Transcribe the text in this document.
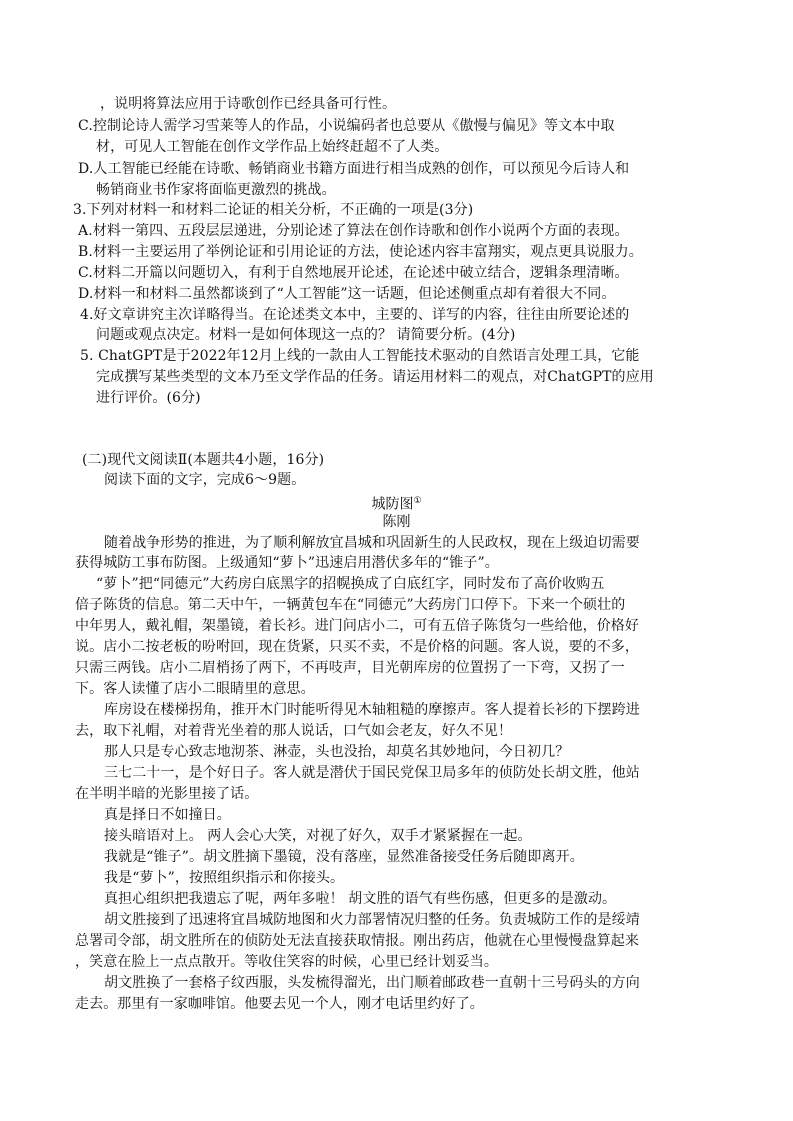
，说明将算法应用于诗歌创作已经具备可行性。
C.控制论诗人需学习雪莱等人的作品，小说编码者也总要从《傲慢与偏见》等文本中取
材，可见人工智能在创作文学作品上始终赶超不了人类。
D.人工智能已经能在诗歌、畅销商业书籍方面进行相当成熟的创作，可以预见今后诗人和
畅销商业书作家将面临更激烈的挑战。
3.下列对材料一和材料二论证的相关分析，不正确的一项是(3分)
A.材料一第四、五段层层递进，分别论述了算法在创作诗歌和创作小说两个方面的表现。
B.材料一主要运用了举例论证和引用论证的方法，使论述内容丰富翔实，观点更具说服力。
C.材料二开篇以问题切入，有利于自然地展开论述，在论述中破立结合，逻辑条理清晰。
D.材料一和材料二虽然都谈到了“人工智能”这一话题，但论述侧重点却有着很大不同。
4.好文章讲究主次详略得当。在论述类文本中，主要的、详写的内容，往往由所要论述的
问题或观点决定。材料一是如何体现这一点的？ 请简要分析。(4分)
5. ChatGPT是于2022年12月上线的一款由人工智能技术驱动的自然语言处理工具，它能
完成撰写某些类型的文本乃至文学作品的任务。请运用材料二的观点，对ChatGPT的应用
进行评价。(6分)
(二)现代文阅读Ⅱ(本题共4小题，16分)
阅读下面的文字，完成6～9题。
城防图①
陈刚
随着战争形势的推进，为了顺利解放宜昌城和巩固新生的人民政权，现在上级迫切需要
获得城防工事布防图。上级通知“萝卜”迅速启用潜伏多年的“锥子”。
“萝卜”把“同德元”大药房白底黑字的招幌换成了白底红字，同时发布了高价收购五
倍子陈货的信息。第二天中午，一辆黄包车在“同德元”大药房门口停下。下来一个硕壮的
中年男人，戴礼帽，架墨镜，着长衫。进门问店小二，可有五倍子陈货匀一些给他，价格好
说。店小二按老板的吩咐回，现在货紧，只买不卖，不是价格的问题。客人说，要的不多，
只需三两钱。店小二眉梢扬了两下，不再吱声，目光朝库房的位置拐了一下弯，又拐了一
下。客人读懂了店小二眼睛里的意思。
库房设在楼梯拐角，推开木门时能听得见木轴粗糙的摩擦声。客人提着长衫的下摆跨进
去，取下礼帽，对着背光坐着的那人说话，口气如会老友，好久不见！
那人只是专心致志地沏茶、淋壶，头也没抬，却莫名其妙地问，今日初几？
三七二十一，是个好日子。客人就是潜伏于国民党保卫局多年的侦防处长胡文胜，他站
在半明半暗的光影里接了话。
真是择日不如撞日。
接头暗语对上。 两人会心大笑，对视了好久，双手才紧紧握在一起。
我就是“锥子”。胡文胜摘下墨镜，没有落座，显然准备接受任务后随即离开。
我是“萝卜”，按照组织指示和你接头。
真担心组织把我遗忘了呢，两年多啦！ 胡文胜的语气有些伤感，但更多的是激动。
胡文胜接到了迅速将宜昌城防地图和火力部署情况归整的任务。负责城防工作的是绥靖
总署司令部，胡文胜所在的侦防处无法直接获取情报。刚出药店，他就在心里慢慢盘算起来
，笑意在脸上一点点散开。等收住笑容的时候，心里已经计划妥当。
胡文胜换了一套格子纹西服，头发梳得溜光，出门顺着邮政巷一直朝十三号码头的方向
走去。那里有一家咖啡馆。他要去见一个人，刚才电话里约好了。
